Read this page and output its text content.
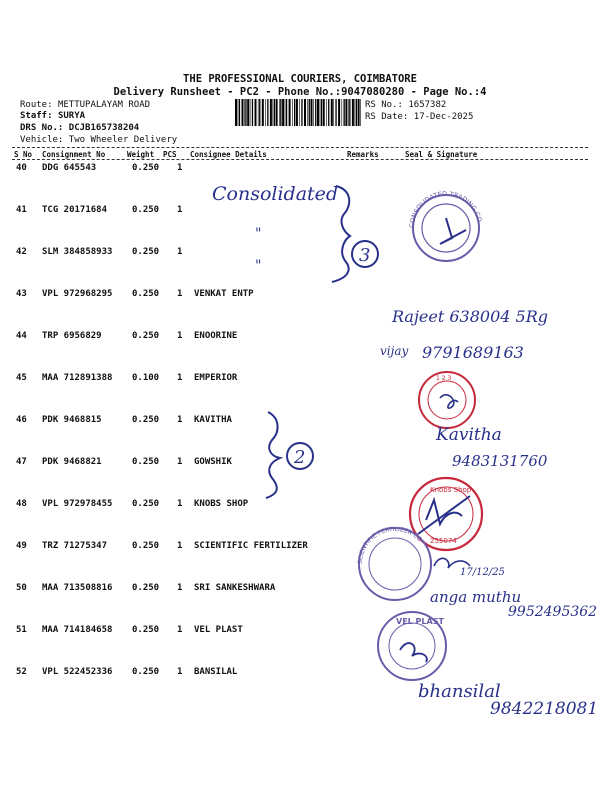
THE PROFESSIONAL COURIERS, COIMBATORE
Delivery Runsheet - PC2 - Phone No.:9047080280 - Page No.:4
Route: METTUPALAYAM ROAD
Staff: SURYA
DRS No.: DCJB165738204
Vehicle: Two Wheeler Delivery
RS No.: 1657382
RS Date: 17-Dec-2025
S No Consignment No	Weight PCS Consignee Details	Remarks	Seal & Signature
40 DDG 645543	0.250 1
41 TCG 20171684	0.250 1
42 SLM 384858933 0.250 1
43 VPL 972968295 0.250 1 VENKAT ENTP
44 TRP 6956829	0.250 1 ENOORINE
45 MAA 712891388 0.100 1 EMPERIOR
46 PDK 9468815	0.250 1 KAVITHA
47 PDK 9468821	0.250 1 GOWSHIK
48 VPL 972978455 0.250 1 KNOBS SHOP
49 TRZ 71275347	0.250 1 SCIENTIFIC FERTILIZER
50 MAA 713508816 0.250 1 SRI SANKESHWARA
51 MAA 714184658 0.250 1 VEL PLAST
52 VPL 522452336 0.250 1 BANSILAL
Consolidated
"
"	3
CONSOLIDATED TRADING CO
2
Rajeet 638004 5Rg
vijay 9791689163
1 2 3
Kavitha
9483131760
Knobs Shop
255074
SCIENTIFIC FERTILIZER CO
17/12/25
anga muthu
9952495362
VEL PLAST
bhansilal
9842218081
